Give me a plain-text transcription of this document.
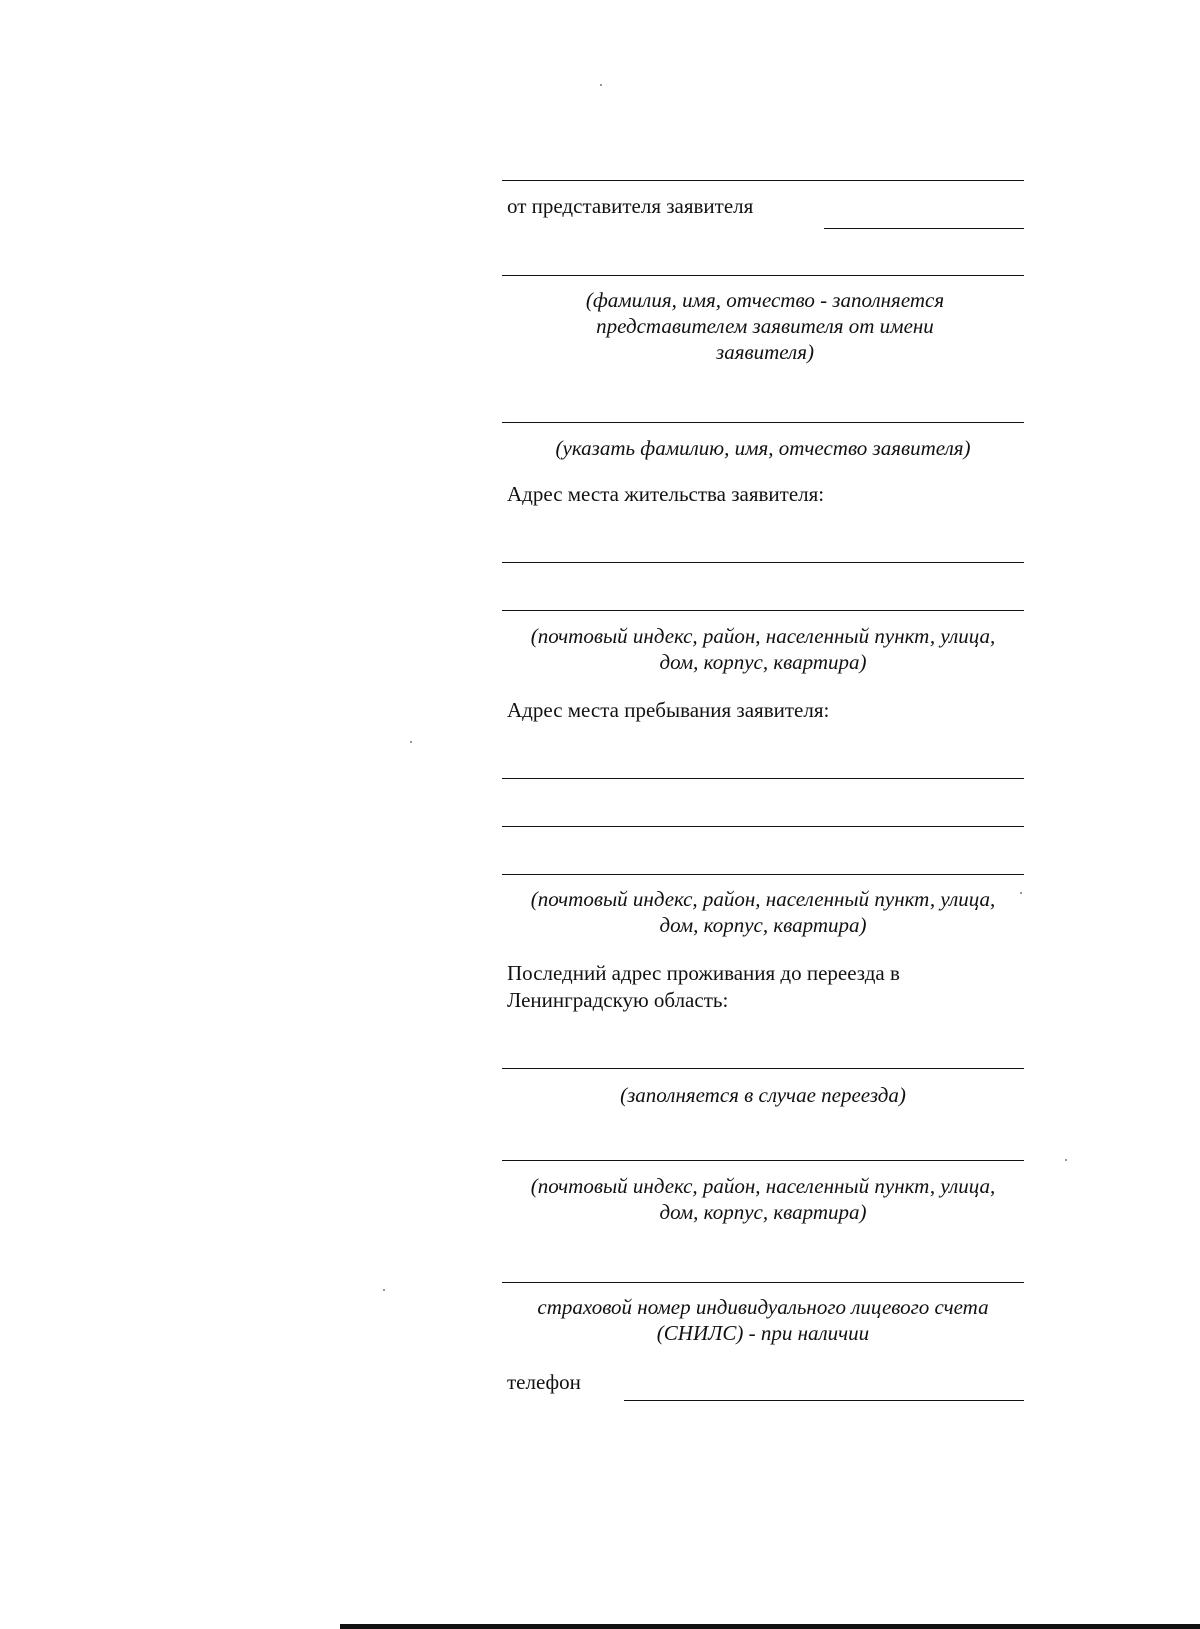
от представителя заявителя
(фамилия, имя, отчество - заполняется представителем заявителя от имени заявителя)
(указать фамилию, имя, отчество заявителя)
Адрес места жительства заявителя:
(почтовый индекс, район, населенный пункт, улица, дом, корпус, квартира)
Адрес места пребывания заявителя:
(почтовый индекс, район, населенный пункт, улица, дом, корпус, квартира)
Последний адрес проживания до переезда в Ленинградскую область:
(заполняется в случае переезда)
(почтовый индекс, район, населенный пункт, улица, дом, корпус, квартира)
страховой номер индивидуального лицевого счета (СНИЛС) - при наличии
телефон
